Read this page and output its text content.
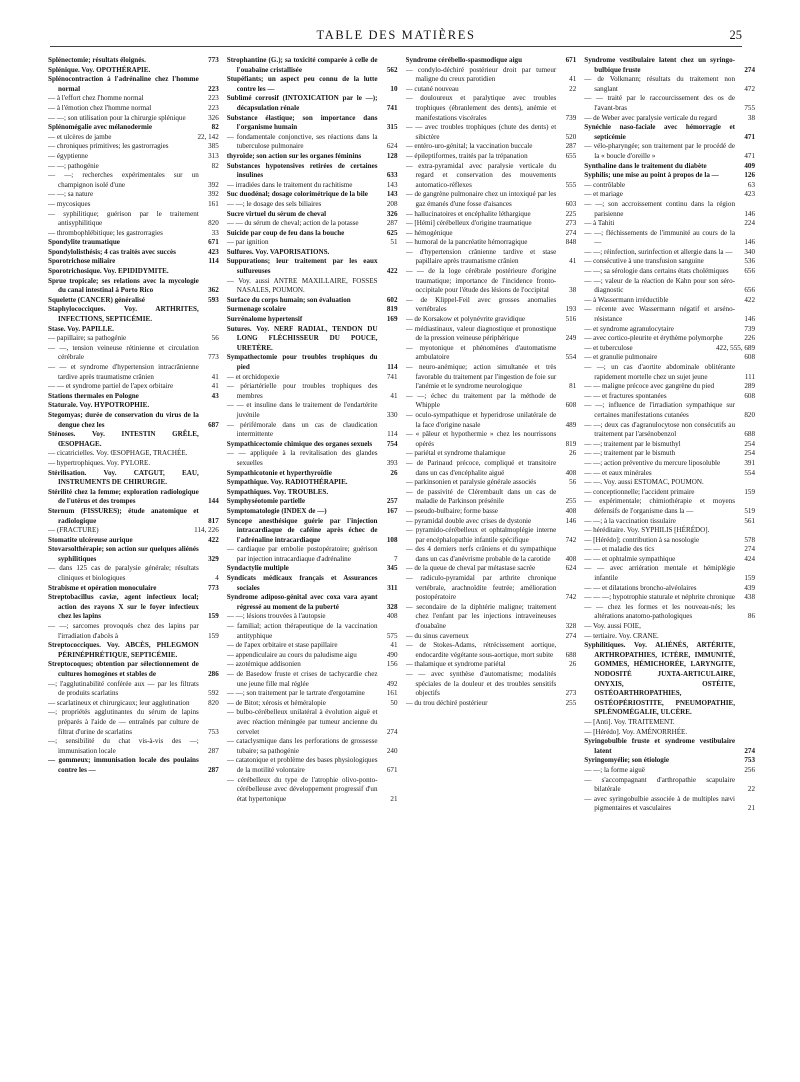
TABLE DES MATIÈRES	25
Splénectomie; résultats éloignés.	773
Splénique. Voy. OPOTHÉRAPIE.
Splénocontraction à l'adrénaline chez l'homme normal	223
— à l'effort chez l'homme normal	223
— à l'émotion chez l'homme normal	223
— —; son utilisation pour la chirurgie splénique	326
Splénomégalie avec mélanodermie	82
— et ulcères de jambe	22, 142
— chroniques primitives; les gastrorragies	385
— égyptienne	313
— —; pathogénie	82
— —; recherches expérimentales sur un champignon isolé d'une	392
— —; sa nature	392
— mycosiques	161
— syphilitique; guérison par le traitement antisyphilitique	820
— thrombophlébitique; les gastrorragies	33
Spondylite traumatique	671
Spondylolisthésis; 4 cas traités avec succès	423
Sporotrichose miliaire	114
Sporotrichosique. Voy. EPIDIDYMITE.
Sprue tropicale; ses relations avec la mycologie du canal intestinal à Porto Rico	362
Squelette (CANCER) généralisé	593
Staphylococciques. Voy. ARTHRITES, INFECTIONS, SEPTICÉMIE.
Stase. Voy. PAPILLE.
— papillaire; sa pathogénie	56
— —, tension veineuse rétinienne et circulation cérébrale	773
— — et syndrome d'hypertension intracrânienne tardive après traumatisme crânien	41
— — et syndrome partiel de l'apex orbitaire	41
Stations thermales en Pologne	43
Staturale. Voy. HYPOTROPHIE.
Stegomyas; durée de conservation du virus de la dengue chez les	687
Sténoses. Voy. INTESTIN GRÊLE, ŒSOPHAGE.
— cicatricielles. Voy. ŒSOPHAGE, TRACHÉE.
— hypertrophiques. Voy. PYLORE.
Stérilisation. Voy. CATGUT, EAU, INSTRUMENTS DE CHIRURGIE.
Stérilité chez la femme; exploration radiologique de l'utérus et des trompes	144
Sternum (FISSURES); étude anatomique et radiologique	817
— (FRACTURE)	114, 226
Stomatite ulcéreuse aurique	422
Stovarsolthérapie; son action sur quelques aliénés syphilitiques	329
— dans 125 cas de paralysie générale; résultats cliniques et biologiques	4
Strabisme et opération monoculaire	773
Streptobacillus caviæ, agent infectieux local; action des rayons X sur le foyer infectieux chez les lapins	159
— —; sarcomes provoqués chez des lapins par l'irradiation d'abcès à	159
Streptococciques. Voy. ABCÈS, PHLEGMON PÉRINÉPHRÉTIQUE, SEPTICÉMIE.
Streptocoques; obtention par sélectionnement de cultures homogènes et stables de	286
—; l'agglutinabilité conférée aux — par les filtrats de produits scarlatins	592
— scarlatineux et chirurgicaux; leur agglutination	820
—; propriétés agglutinantes du sérum de lapins préparés à l'aide de — entraînés par culture de filtrat d'urine de scarlatins	753
—; sensibilité du chat vis-à-vis des —; immunisation locale	287
— gommeux; immunisation locale des poulains contre les —	287
Strophantine (G.); sa toxicité comparée à celle de l'ouabaïne cristallisée	562
Stupéfiants; un aspect peu connu de la lutte contre les —	10
Sublimé corrosif (INTOXICATION par le —); décapsulation rénale	741
Substance élastique; son importance dans l'organisme humain	315
— fondamentale conjonctive, ses réactions dans la tuberculose pulmonaire	624
thyroïde; son action sur les organes féminins	128
Substances hypotensives retirées de certaines insulines	633
— irradiées dans le traitement du rachitisme	143
Suc duodénal; dosage colorimétrique de la bile	143
— —; le dosage des sels biliaires	208
Sucre virtuel du sérum de cheval	326
— — du sérum de cheval; action de la potasse	287
Suicide par coup de feu dans la bouche	625
— par ignition	51
Sulfures. Voy. VAPORISATIONS.
Suppurations; leur traitement par les eaux sulfureuses	422
— Voy. aussi ANTRE MAXILLAIRE, FOSSES NASALES, POUMON.
Surface du corps humain; son évaluation	602
Surmenage scolaire	819
Surrénalome hypertensif	169
Sutures. Voy. NERF RADIAL, TENDON DU LONG FLÉCHISSEUR DU POUCE, URETÈRE.
Sympathectomie pour troubles trophiques du pied	114
— et orchidopexie	741
— périartérielle pour troubles trophiques des membres	41
— — et insuline dans le traitement de l'endartérite juvénile	330
— périfémorale dans un cas de claudication intermittente	114
Sympathicectomie chimique des organes sexuels 754
— — appliquée à la revitalisation des glandes sexuelles	393
Sympathicotonie et hyperthyroïdie	26
Sympathique. Voy. RADIOTHÉRAPIE.
Sympathiques. Voy. TROUBLES.
Symphyséotomie partielle	257
Symptomatologie (INDEX de —)	167
Syncope anesthésique guérie par l'injection intracardiaque de caféine après échec de l'adrénaline intracardiaque	108
— cardiaque par embolie postopératoire; guérison par injection intracardiaque d'adrénaline	7
Syndactylie multiple	345
Syndicats médicaux français et Assurances sociales	311
Syndrome adiposo-génital avec coxa vara ayant régressé au moment de la puberté	328
— —; lésions trouvées à l'autopsie	408
— familial; action thérapeutique de la vaccination antityphique	575
— de l'apex orbitaire et stase papillaire	41
— appendiculaire au cours du paludisme aigu	490
— azotémique addisonien	156
— de Basedow fruste et crises de tachycardie chez une jeune fille mal réglée	492
— —; son traitement par le tartrate d'ergotamine	161
— de Bitot; xérosis et héméralopie	50
— bulbo-cérébelleux unilatéral à évolution aiguë et avec réaction méningée par tumeur ancienne du cervelet	274
— cataclysmique dans les perforations de grossesse tubaire; sa pathogénie	240
— catatonique et problème des bases physiologiques de la motilité volontaire	671
— cérébelleux du type de l'atrophie olivo-ponto-cérébelleuse avec développement progressif d'un état hypertonique	21
Syndrome cérébello-spasmodique aigu	671
— condylo-déchiré postérieur droit par tumeur maligne du creux parotidien	41
— cutané nouveau	22
— douloureux et paralytique avec troubles trophiques (ébranlement des dents), anémie et manifestations viscérales	739
— — avec troubles trophiques (chute des dents) et sibictère	520
— entéro-uro-génital; la vaccination buccale	287
— épileptiformes, traités par la trépanation	655
— extra-pyramidal avec paralysie verticale du regard et conservation des mouvements automatico-réflexes	555
— de gangrène pulmonaire chez un intoxiqué par les gaz émanés d'une fosse d'aisances	603
— hallucinatoires et encéphalite léthargique	225
— [Hémi] cérébelleux d'origine traumatique	273
— hémogénique	274
— humoral de la pancréatite hémorragique	848
— d'hypertension crânienne tardive et stase papillaire après traumatisme crânien	41
— — de la loge cérébrale postérieure d'origine traumatique; importance de l'incidence fronto-occipitale pour l'étude des lésions de l'occipital	38
— de Klippel-Feil avec grosses anomalies vertébrales	193
— de Korsakow et polynévrite gravidique	516
— médiastinaux, valeur diagnostique et pronostique de la pression veineuse périphérique	249
— myotonique et phénomènes d'automatisme ambulatoire	554
— neuro-anémique; action simultanée et très favorable du traitement par l'ingestion de foie sur l'anémie et le syndrome neurologique	81
— —; échec du traitement par la méthode de Whipple	608
— oculo-sympathique et hyperidrose unilatérale de la face d'origine nasale	489
— « pâleur et hypothermie » chez les nourrissons opérés	819
— pariétal et syndrome thalamique	26
— de Parinaud précoce, compliqué et transitoire dans un cas d'encéphalite aiguë	408
— parkinsonien et paralysie générale associés	56
— de passivité de Clérembault dans un cas de maladie de Parkinson présénile	255
— pseudo-bulbaire; forme basse	408
— pyramidal double avec crises de dystonie	146
— pyramido-cérébelleux et ophtalmoplégie interne par encéphalopathie infantile spécifique	742
— des 4 derniers nerfs crâniens et du sympathique dans un cas d'anévrisme probable de la carotide 408
— de la queue de cheval par métastase sacrée	624
— radiculo-pyramidal par arthrite chronique vertébrale, arachnoïdite feutrée; amélioration postopératoire	742
— secondaire de la diphtérie maligne; traitement chez l'enfant par les injections intraveineuses d'ouabaïne	328
— du sinus caverneux	274
— de Stokes-Adams, rétrécissement aortique, endocardite végétante sous-aortique, mort subite 688
— thalamique et syndrome pariétal	26
— — avec synthèse d'automatisme; modalités spéciales de la douleur et des troubles sensitifs objectifs	273
— du trou déchiré postérieur	255
Syndrome vestibulaire latent chez un syringo-bulbique fruste	274
— de Volkmann; résultats du traitement non sanglant	472
— — traité par le raccourcissement des os de l'avant-bras	755
— de Weber avec paralysie verticale du regard	38
Synéchie naso-faciale avec hémorragie et septicémie	471
— vélo-pharyngée; son traitement par le procédé de la « boucle d'oreille »	471
Synthaline dans le traitement du diabète	409
Syphilis; une mise au point à propos de la —	126
— contrôlable	63
— et mariage	423
— —; son accroissement continu dans la région parisienne	146
— à Tahiti	224
— —; fléchissements de l'immunité au cours de la —	146
— —; réinfection, surinfection et allergie dans la — 340
— consécutive à une transfusion sanguine	536
— —; sa sérologie dans certains états cholémiques 656
— —; valeur de la réaction de Kahn pour son séro-diagnostic	656
— à Wassermann irréductible	422
— récente avec Wassermann négatif et arséno-résistance	146
— et syndrome agranulocytaire	739
— avec cortico-pleurite et érythème polymorphe	226
— et tuberculose	422, 555, 689
— et granulie pulmonaire	608
— —; un cas d'aortite abdominale oblitérante rapidement mortelle chez un sujet jeune	111
— — maligne précoce avec gangrène du pied	289
— — et fractures spontanées	608
— —; influence de l'irradiation sympathique sur certaines manifestations cutanées	820
— —; deux cas d'agranulocytose non consécutifs au traitement par l'arsénobenzol	688
— —; traitement par le bismuthyl	254
— —; traitement par le bismuth	254
— —; action préventive du mercure liposoluble	391
— — et eaux minérales	554
— —. Voy. aussi ESTOMAC, POUMON.
— conceptionnelle; l'accident primaire	159
— expérimentale; chimiothérapie et moyens défensifs de l'organisme dans la —	519
— —; à la vaccination tissulaire	561
— héréditaire. Voy. SYPHILIS [HÉRÉDO].
— [Hérédo]; contribution à sa nosologie	578
— — et maladie des tics	274
— — et ophtalmie sympathique	424
— — avec arriération mentale et hémiplégie infantile	159
— — et dilatations broncho-alvéolaires	439
— — —; hypotrophie staturale et néphrite chronique 438
— — chez les formes et les nouveau-nés; les altérations anatomo-pathologiques	86
— Voy. aussi FOIE,
— tertiaire. Voy. CRANE.
Syphilitiques. Voy. ALIÉNÉS, ARTÉRITE, ARTHROPATHIES, ICTÈRE, IMMUNITÉ, GOMMES, HÉMICHORÉE, LARYNGITE, NODOSITÉ JUXTA-ARTICULAIRE, ONYXIS, OSTÉITE, OSTÉOARTHROPATHIES, OSTÉOPÉRIOSTITE, PNEUMOPATHIE, SPLÉNOMÉGALIE, ULCÈRE.
— [Anti]. Voy. TRAITEMENT.
— [Hérédo]. Voy. AMÉNORRHÉE.
Syringobulbie fruste et syndrome vestibulaire latent	274
Syringomyélie; son étiologie	753
— —; la forme aiguë	256
— s'accompagnant d'arthropathie scapulaire bilatérale	22
— avec syringobulbie associée à de multiples nævi pigmentaires et vasculaires	21
